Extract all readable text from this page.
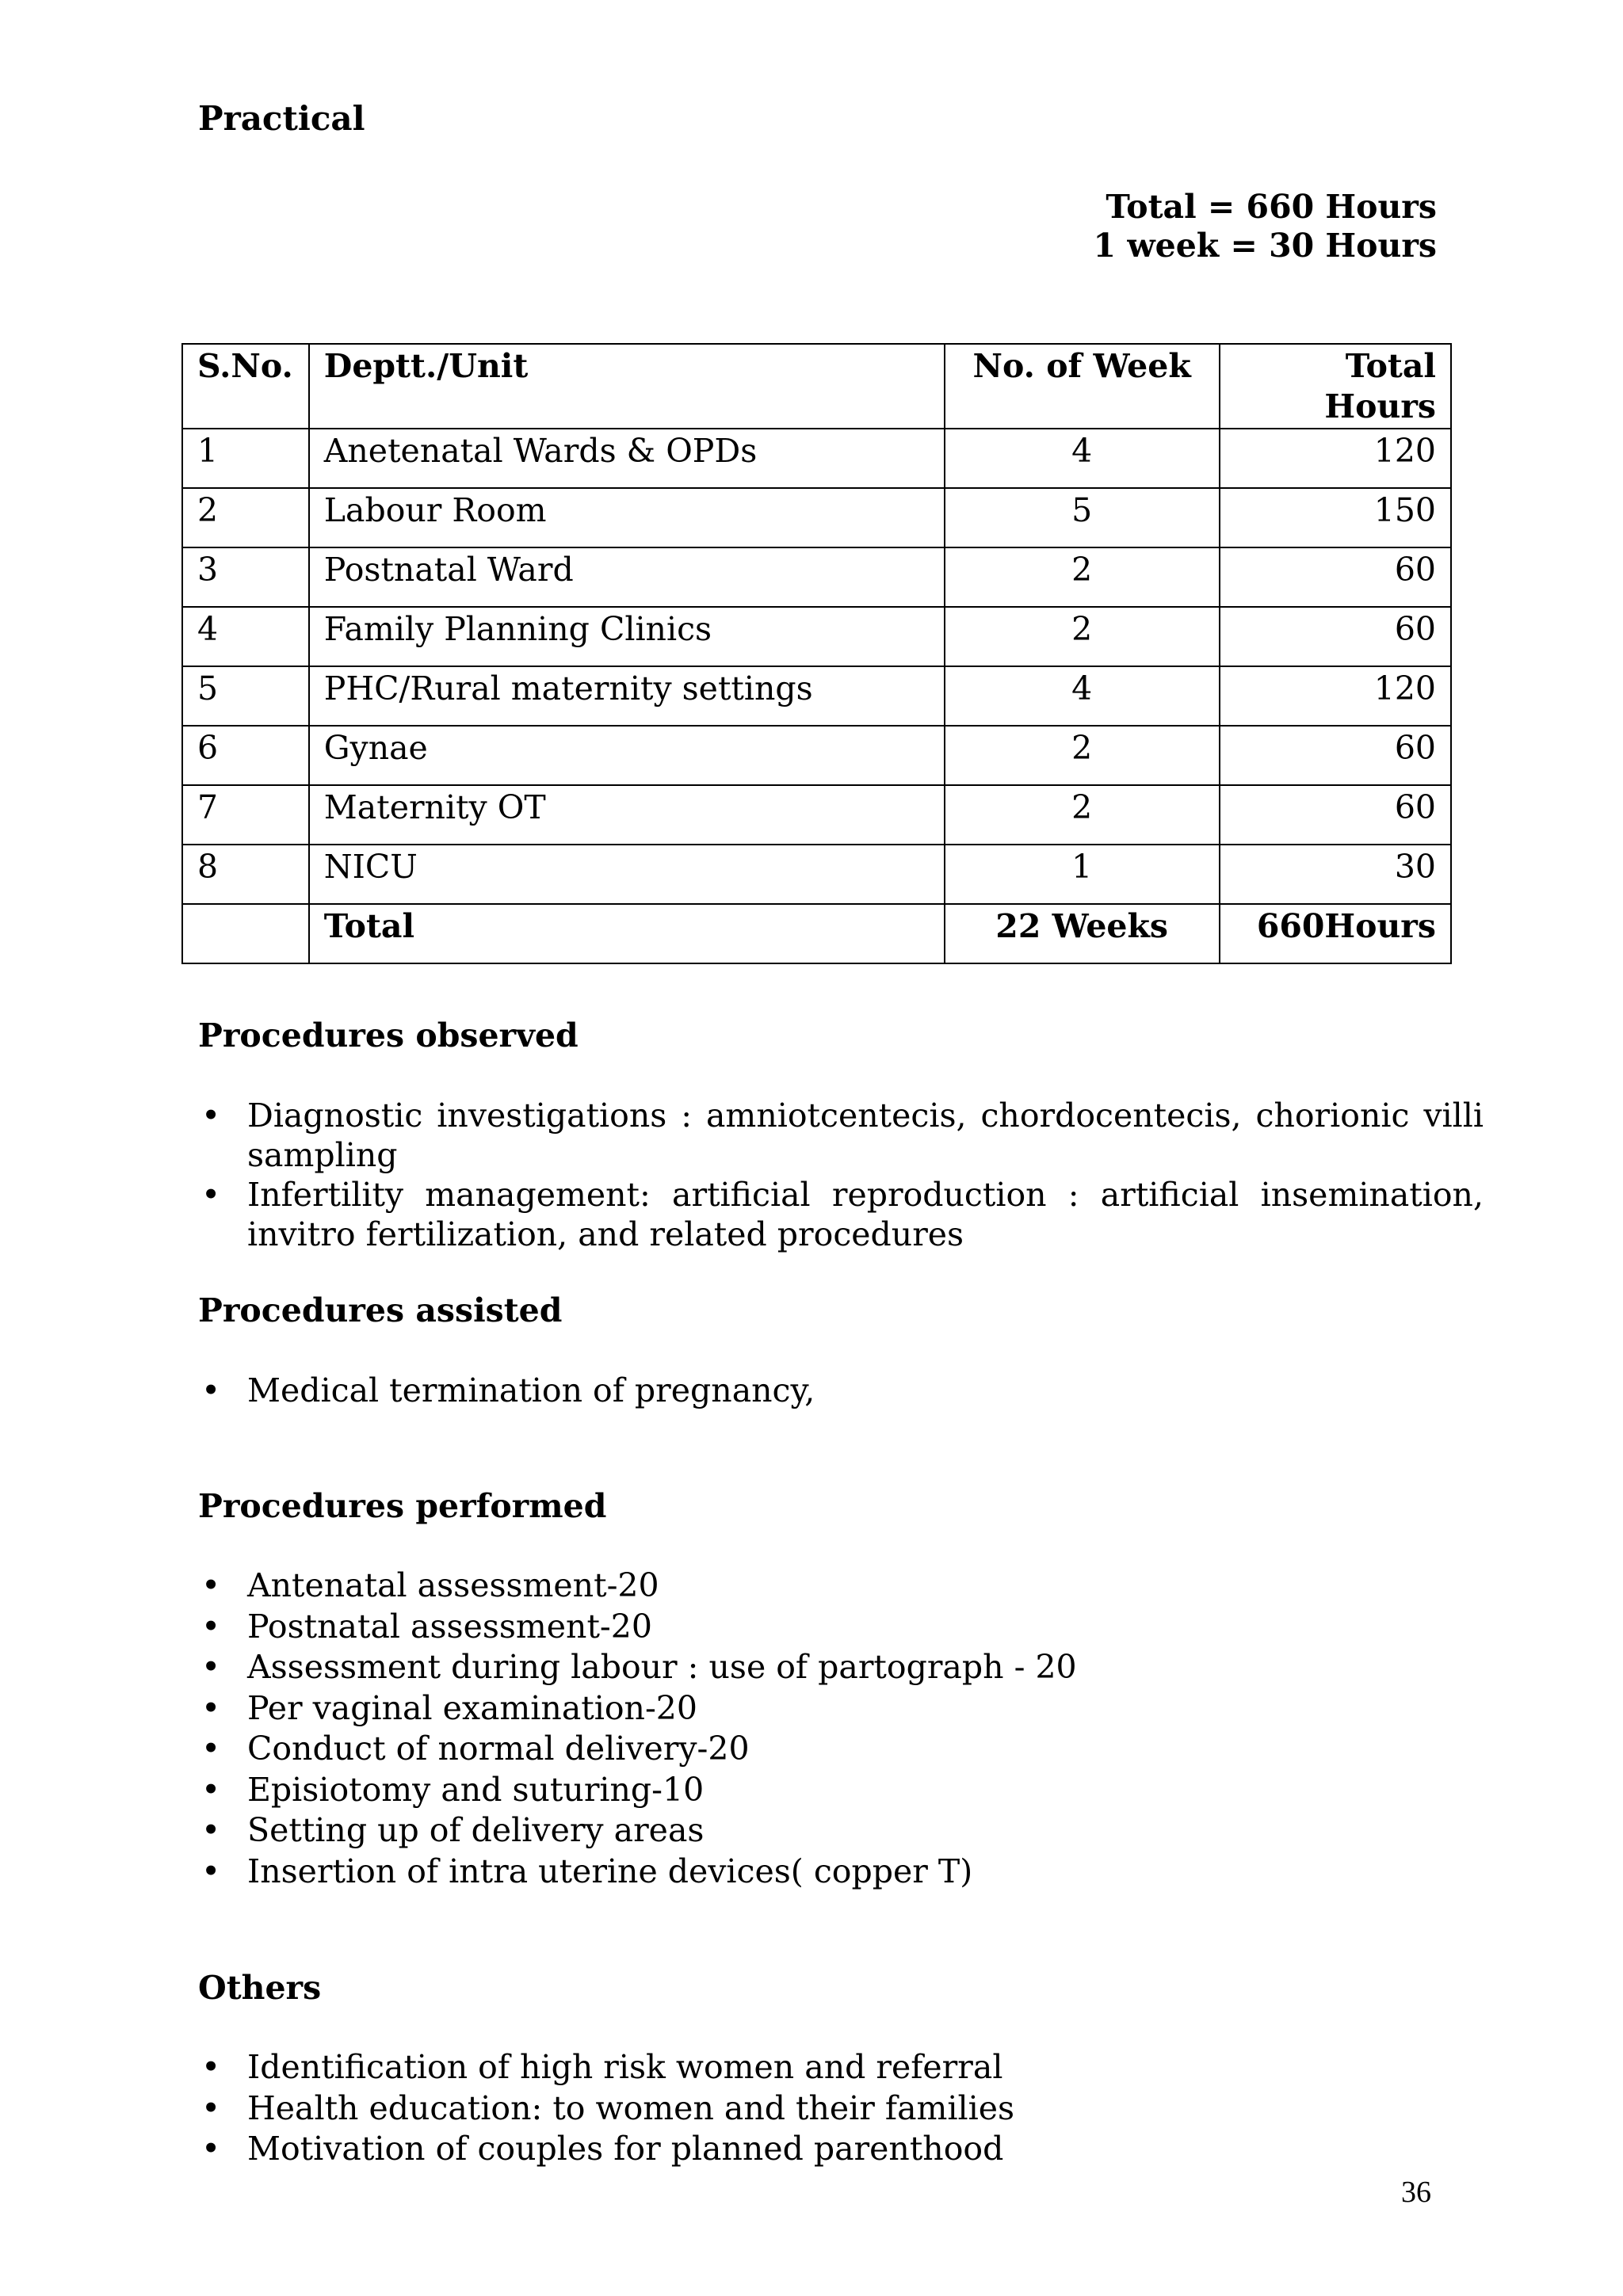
Practical
Total = 660 Hours
1 week = 30 Hours
S.No.	Deptt./Unit	No. of Week	Total Hours
1	Anetenatal Wards & OPDs	4	120
2	Labour Room	5	150
3	Postnatal Ward	2	60
4	Family Planning Clinics	2	60
5	PHC/Rural maternity settings	4	120
6	Gynae	2	60
7	Maternity OT	2	60
8	NICU	1	30
	Total	22 Weeks	660Hours
Procedures observed
• Diagnostic investigations : amniotcentecis, chordocentecis, chorionic villi sampling
• Infertility management: artificial reproduction : artificial insemination, invitro fertilization, and related procedures
Procedures assisted
• Medical termination of pregnancy,
Procedures performed
• Antenatal assessment-20
• Postnatal assessment-20
• Assessment during labour : use of partograph - 20
• Per vaginal examination-20
• Conduct of normal delivery-20
• Episiotomy and suturing-10
• Setting up of delivery areas
• Insertion of intra uterine devices( copper T)
Others
• Identification of high risk women and referral
• Health education: to women and their families
• Motivation of couples for planned parenthood
36
